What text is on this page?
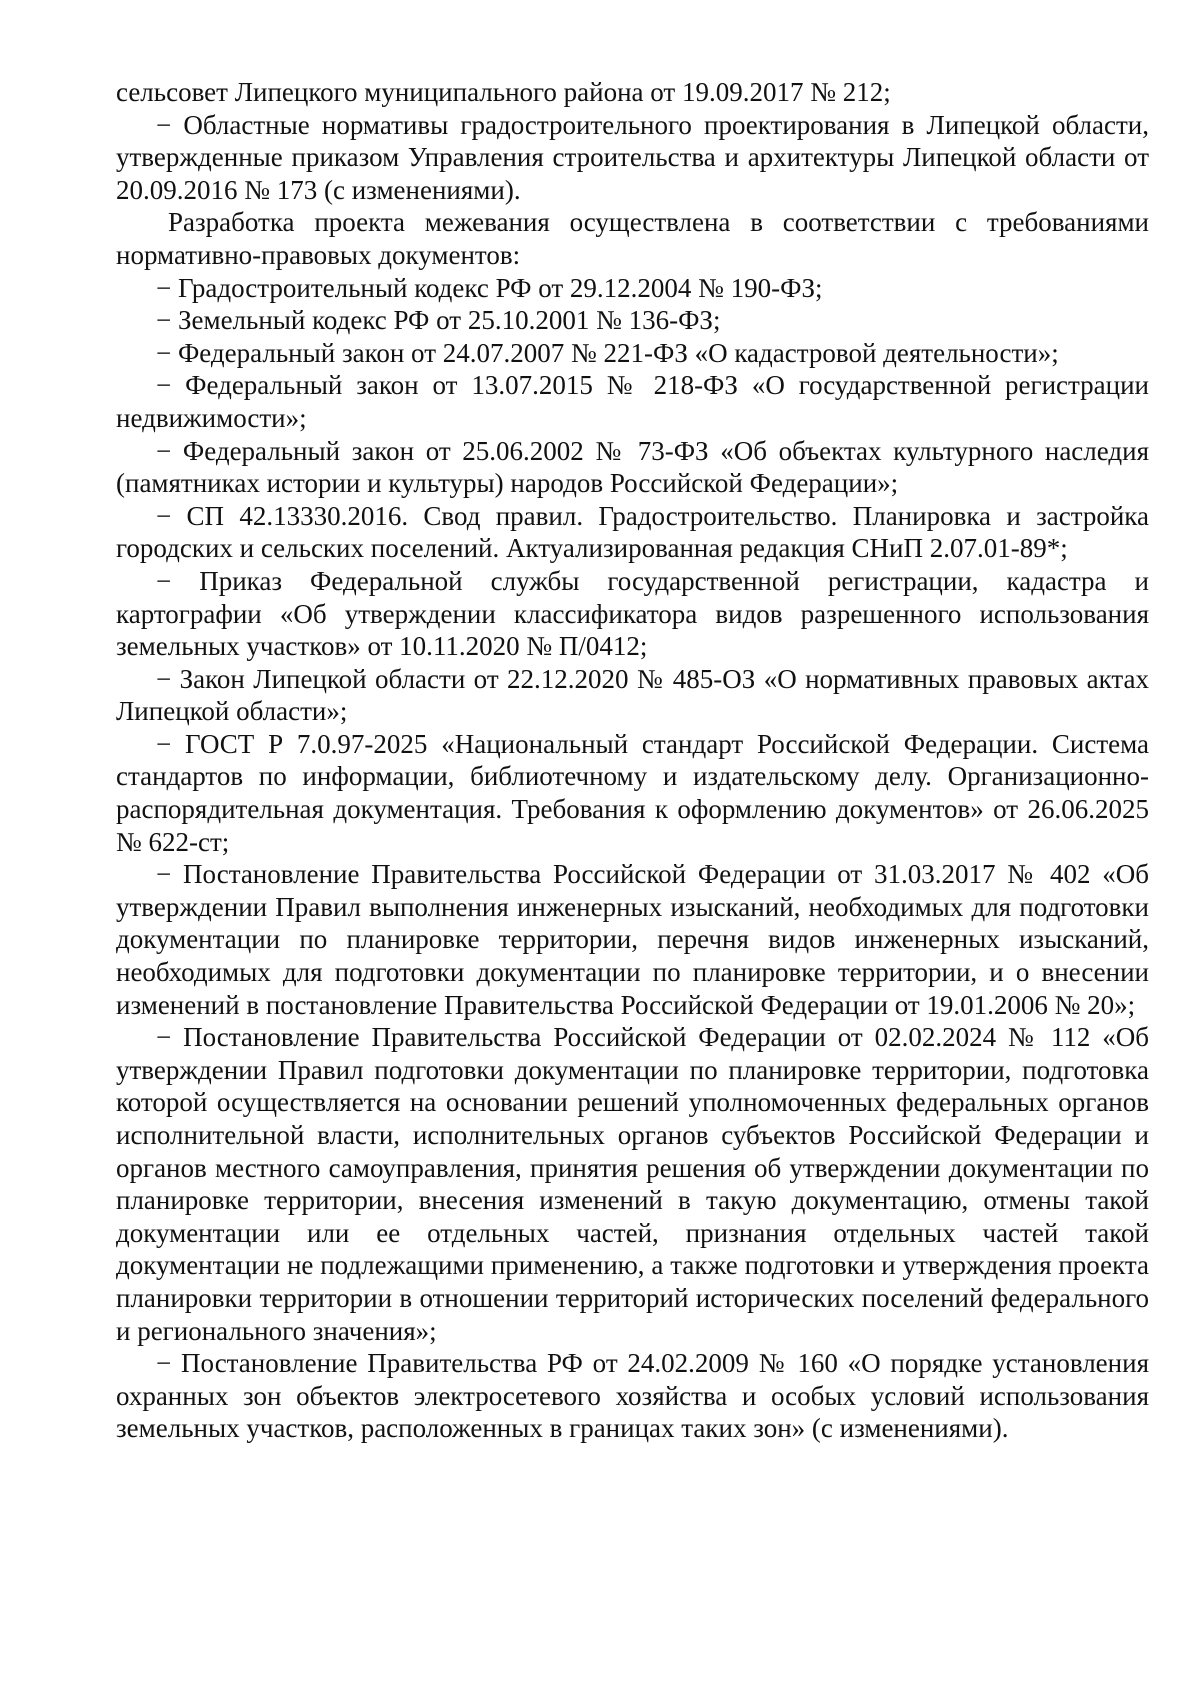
сельсовет Липецкого муниципального района от 19.09.2017 № 212;

− Областные нормативы градостроительного проектирования в Липецкой области, утвержденные приказом Управления строительства и архитектуры Липецкой области от 20.09.2016 № 173 (с изменениями).

Разработка проекта межевания осуществлена в соответствии с требованиями нормативно-правовых документов:

− Градостроительный кодекс РФ от 29.12.2004 № 190-ФЗ;

− Земельный кодекс РФ от 25.10.2001 № 136-ФЗ;

− Федеральный закон от 24.07.2007 № 221-ФЗ «О кадастровой деятельности»;

− Федеральный закон от 13.07.2015 № 218-ФЗ «О государственной регистрации недвижимости»;

− Федеральный закон от 25.06.2002 № 73-ФЗ «Об объектах культурного наследия (памятниках истории и культуры) народов Российской Федерации»;

− СП 42.13330.2016. Свод правил. Градостроительство. Планировка и застройка городских и сельских поселений. Актуализированная редакция СНиП 2.07.01-89*;

− Приказ Федеральной службы государственной регистрации, кадастра и картографии «Об утверждении классификатора видов разрешенного использования земельных участков» от 10.11.2020 № П/0412;

− Закон Липецкой области от 22.12.2020 № 485-ОЗ «О нормативных правовых актах Липецкой области»;

− ГОСТ Р 7.0.97-2025 «Национальный стандарт Российской Федерации. Система стандартов по информации, библиотечному и издательскому делу. Организационно-распорядительная документация. Требования к оформлению документов» от 26.06.2025 № 622-ст;

− Постановление Правительства Российской Федерации от 31.03.2017 № 402 «Об утверждении Правил выполнения инженерных изысканий, необходимых для подготовки документации по планировке территории, перечня видов инженерных изысканий, необходимых для подготовки документации по планировке территории, и о внесении изменений в постановление Правительства Российской Федерации от 19.01.2006 № 20»;

− Постановление Правительства Российской Федерации от 02.02.2024 № 112 «Об утверждении Правил подготовки документации по планировке территории, подготовка которой осуществляется на основании решений уполномоченных федеральных органов исполнительной власти, исполнительных органов субъектов Российской Федерации и органов местного самоуправления, принятия решения об утверждении документации по планировке территории, внесения изменений в такую документацию, отмены такой документации или ее отдельных частей, признания отдельных частей такой документации не подлежащими применению, а также подготовки и утверждения проекта планировки территории в отношении территорий исторических поселений федерального и регионального значения»;

− Постановление Правительства РФ от 24.02.2009 № 160 «О порядке установления охранных зон объектов электросетевого хозяйства и особых условий использования земельных участков, расположенных в границах таких зон» (с изменениями).
